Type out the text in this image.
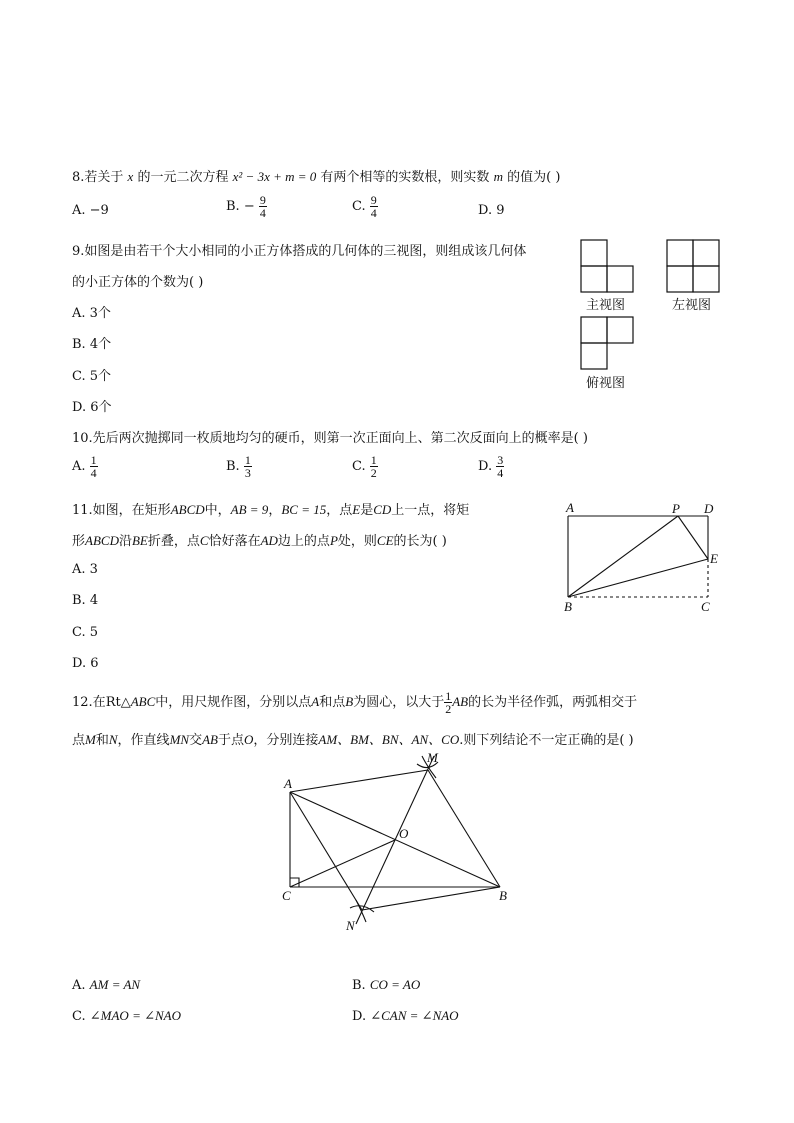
8.若关于 x 的一元二次方程 x² − 3x + m = 0 有两个相等的实数根，则实数 m 的值为( )
A. −9	B. − $\frac{9}{4}$	C. $\frac{9}{4}$	D. 9
9.如图是由若干个大小相同的小正方体搭成的几何体的三视图，则组成该几何体
的小正方体的个数为( )
A. 3个
B. 4个
C. 5个
D. 6个
主视图	左视图
俯视图
10.先后两次抛掷同一枚质地均匀的硬币，则第一次正面向上、第二次反面向上的概率是( )
A. $\frac{1}{4}$	B. $\frac{1}{3}$	C. $\frac{1}{2}$	D. $\frac{3}{4}$
11.如图，在矩形ABCD中，AB = 9，BC = 15，点E是CD上一点，将矩
形ABCD沿BE折叠，点C恰好落在AD边上的点P处，则CE的长为( )
A. 3
B. 4
C. 5
D. 6
A	P D
E
B	C
12.在Rt△ABC中，用尺规作图，分别以点A和点B为圆心，以大于 $\frac{1}{2}$ AB的长为半径作弧，两弧相交于
点M和N，作直线MN交AB于点O，分别连接AM、BM、BN、AN、CO.则下列结论不一定正确的是( )
A
M
O
C	B
N
A. AM = AN	B. CO = AO
C. ∠MAO = ∠NAO	D. ∠CAN = ∠NAO
